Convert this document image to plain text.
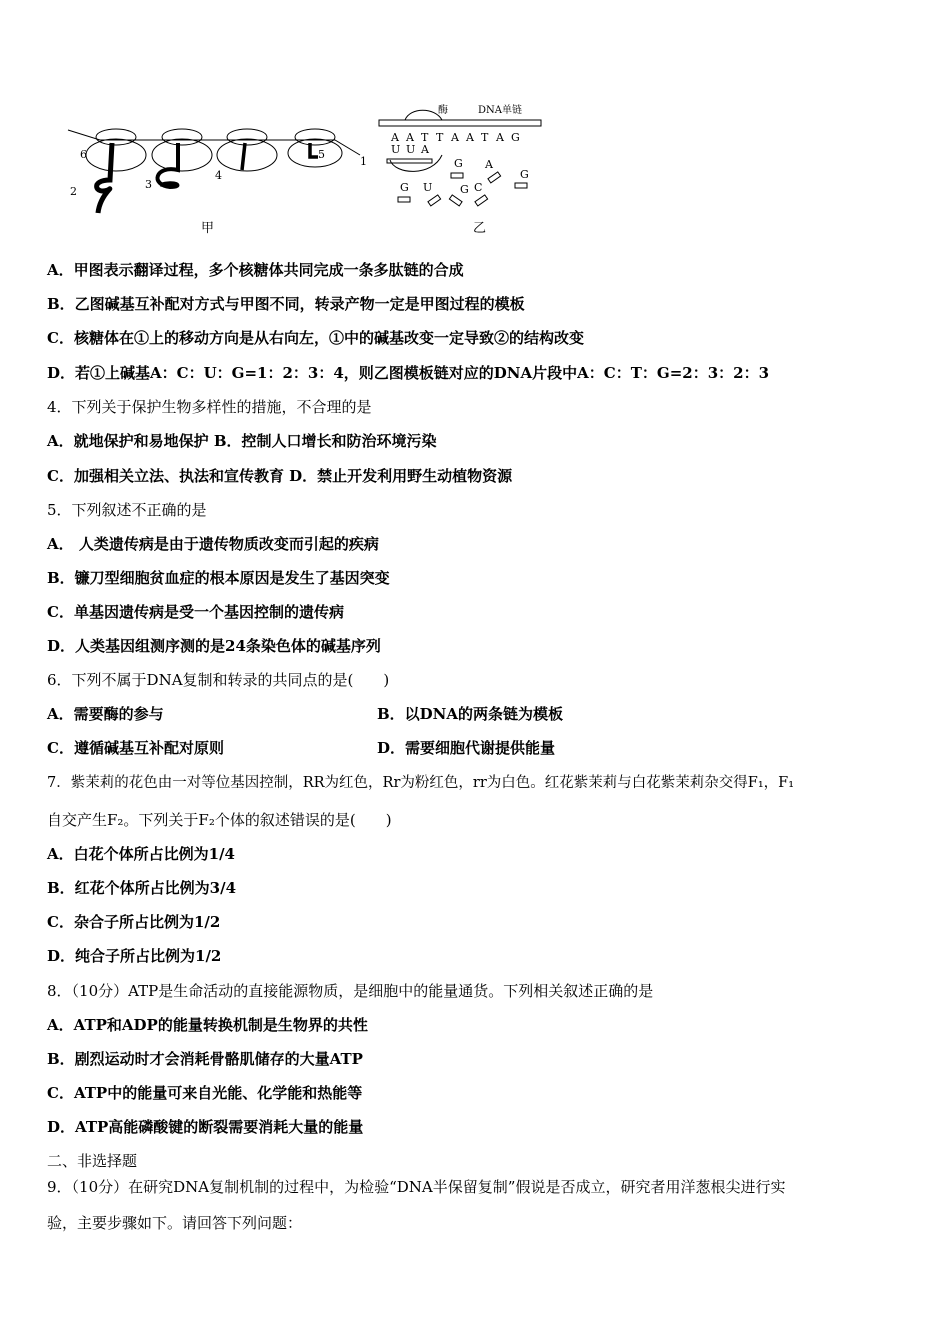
1
2
3
4
5
6
甲
酶	DNA单链
A A T T A A T A G
U U A
G A
G
G U	G C
乙
A．甲图表示翻译过程，多个核糖体共同完成一条多肽链的合成
B．乙图碱基互补配对方式与甲图不同，转录产物一定是甲图过程的模板
C．核糖体在①上的移动方向是从右向左，①中的碱基改变一定导致②的结构改变
D．若①上碱基A：C：U：G=1：2：3：4，则乙图模板链对应的DNA片段中A：C：T：G=2：3：2：3
4．下列关于保护生物多样性的措施，不合理的是
A．就地保护和易地保护 B．控制人口增长和防治环境污染
C．加强相关立法、执法和宣传教育 D．禁止开发利用野生动植物资源
5．下列叙述不正确的是
A． 人类遗传病是由于遗传物质改变而引起的疾病
B．镰刀型细胞贫血症的根本原因是发生了基因突变
C．单基因遗传病是受一个基因控制的遗传病
D．人类基因组测序测的是24条染色体的碱基序列
6．下列不属于DNA复制和转录的共同点的是(　　)
A．需要酶的参与	B．以DNA的两条链为模板
C．遵循碱基互补配对原则	D．需要细胞代谢提供能量
7．紫茉莉的花色由一对等位基因控制，RR为红色，Rr为粉红色，rr为白色。红花紫茉莉与白花紫茉莉杂交得F₁，F₁
自交产生F₂。下列关于F₂个体的叙述错误的是(　　)
A．白花个体所占比例为1/4
B．红花个体所占比例为3/4
C．杂合子所占比例为1/2
D．纯合子所占比例为1/2
8．（10分）ATP是生命活动的直接能源物质，是细胞中的能量通货。下列相关叙述正确的是
A．ATP和ADP的能量转换机制是生物界的共性
B．剧烈运动时才会消耗骨骼肌储存的大量ATP
C．ATP中的能量可来自光能、化学能和热能等
D．ATP高能磷酸键的断裂需要消耗大量的能量
二、非选择题
9．（10分）在研究DNA复制机制的过程中，为检验“DNA半保留复制”假说是否成立，研究者用洋葱根尖进行实
验，主要步骤如下。请回答下列问题：
